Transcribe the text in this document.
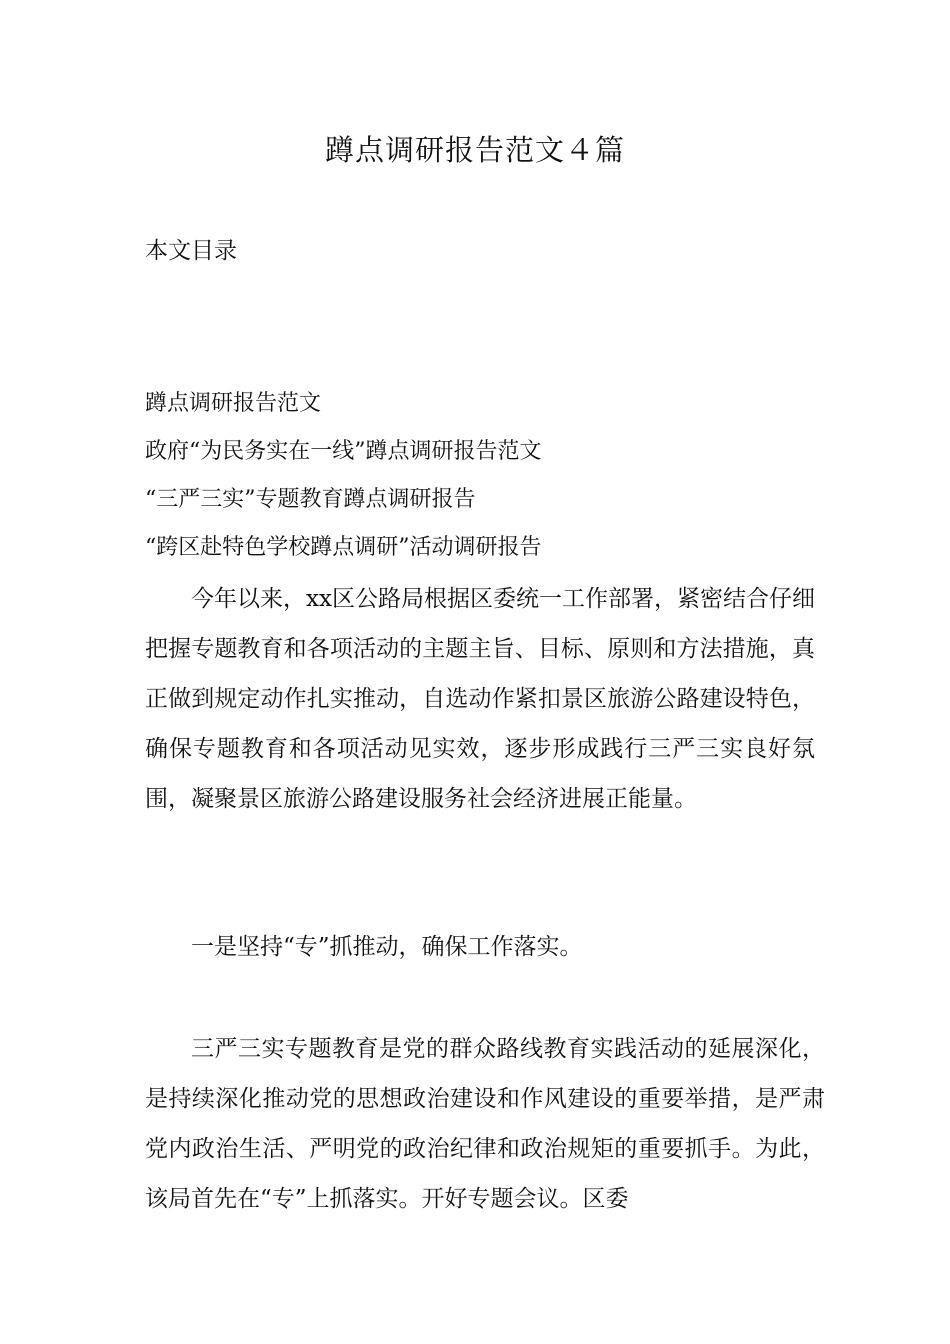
蹲点调研报告范文４篇
本文目录
蹲点调研报告范文
政府“为民务实在一线”蹲点调研报告范文
“三严三实”专题教育蹲点调研报告
“跨区赴特色学校蹲点调研”活动调研报告

今年以来，xx区公路局根据区委统一工作部署，紧密结合仔细把握专题教育和各项活动的主题主旨、目标、原则和方法措施，真正做到规定动作扎实推动，自选动作紧扣景区旅游公路建设特色，确保专题教育和各项活动见实效，逐步形成践行三严三实良好氛围，凝聚景区旅游公路建设服务社会经济进展正能量。

一是坚持“专”抓推动，确保工作落实。

三严三实专题教育是党的群众路线教育实践活动的延展深化，是持续深化推动党的思想政治建设和作风建设的重要举措，是严肃党内政治生活、严明党的政治纪律和政治规矩的重要抓手。为此，该局首先在“专”上抓落实。开好专题会议。区委
